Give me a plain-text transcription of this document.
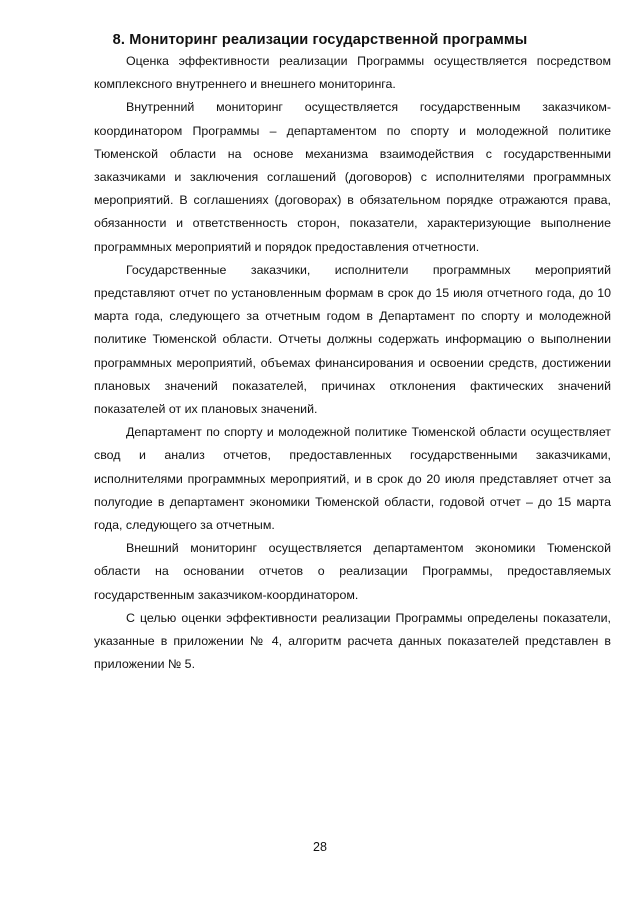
8. Мониторинг реализации государственной программы

Оценка эффективности реализации Программы осуществляется посредством комплексного внутреннего и внешнего мониторинга.

Внутренний мониторинг осуществляется государственным заказчиком-координатором Программы – департаментом по спорту и молодежной политике Тюменской области на основе механизма взаимодействия с государственными заказчиками и заключения соглашений (договоров) с исполнителями программных мероприятий. В соглашениях (договорах) в обязательном порядке отражаются права, обязанности и ответственность сторон, показатели, характеризующие выполнение программных мероприятий и порядок предоставления отчетности.

Государственные заказчики, исполнители программных мероприятий представляют отчет по установленным формам в срок до 15 июля отчетного года, до 10 марта года, следующего за отчетным годом в Департамент по спорту и молодежной политике Тюменской области. Отчеты должны содержать информацию о выполнении программных мероприятий, объемах финансирования и освоении средств, достижении плановых значений показателей, причинах отклонения фактических значений показателей от их плановых значений.

Департамент по спорту и молодежной политике Тюменской области осуществляет свод и анализ отчетов, предоставленных государственными заказчиками, исполнителями программных мероприятий, и в срок до 20 июля представляет отчет за полугодие в департамент экономики Тюменской области, годовой отчет – до 15 марта года, следующего за отчетным.

Внешний мониторинг осуществляется департаментом экономики Тюменской области на основании отчетов о реализации Программы, предоставляемых государственным заказчиком-координатором.

С целью оценки эффективности реализации Программы определены показатели, указанные в приложении № 4, алгоритм расчета данных показателей представлен в приложении № 5.

28
